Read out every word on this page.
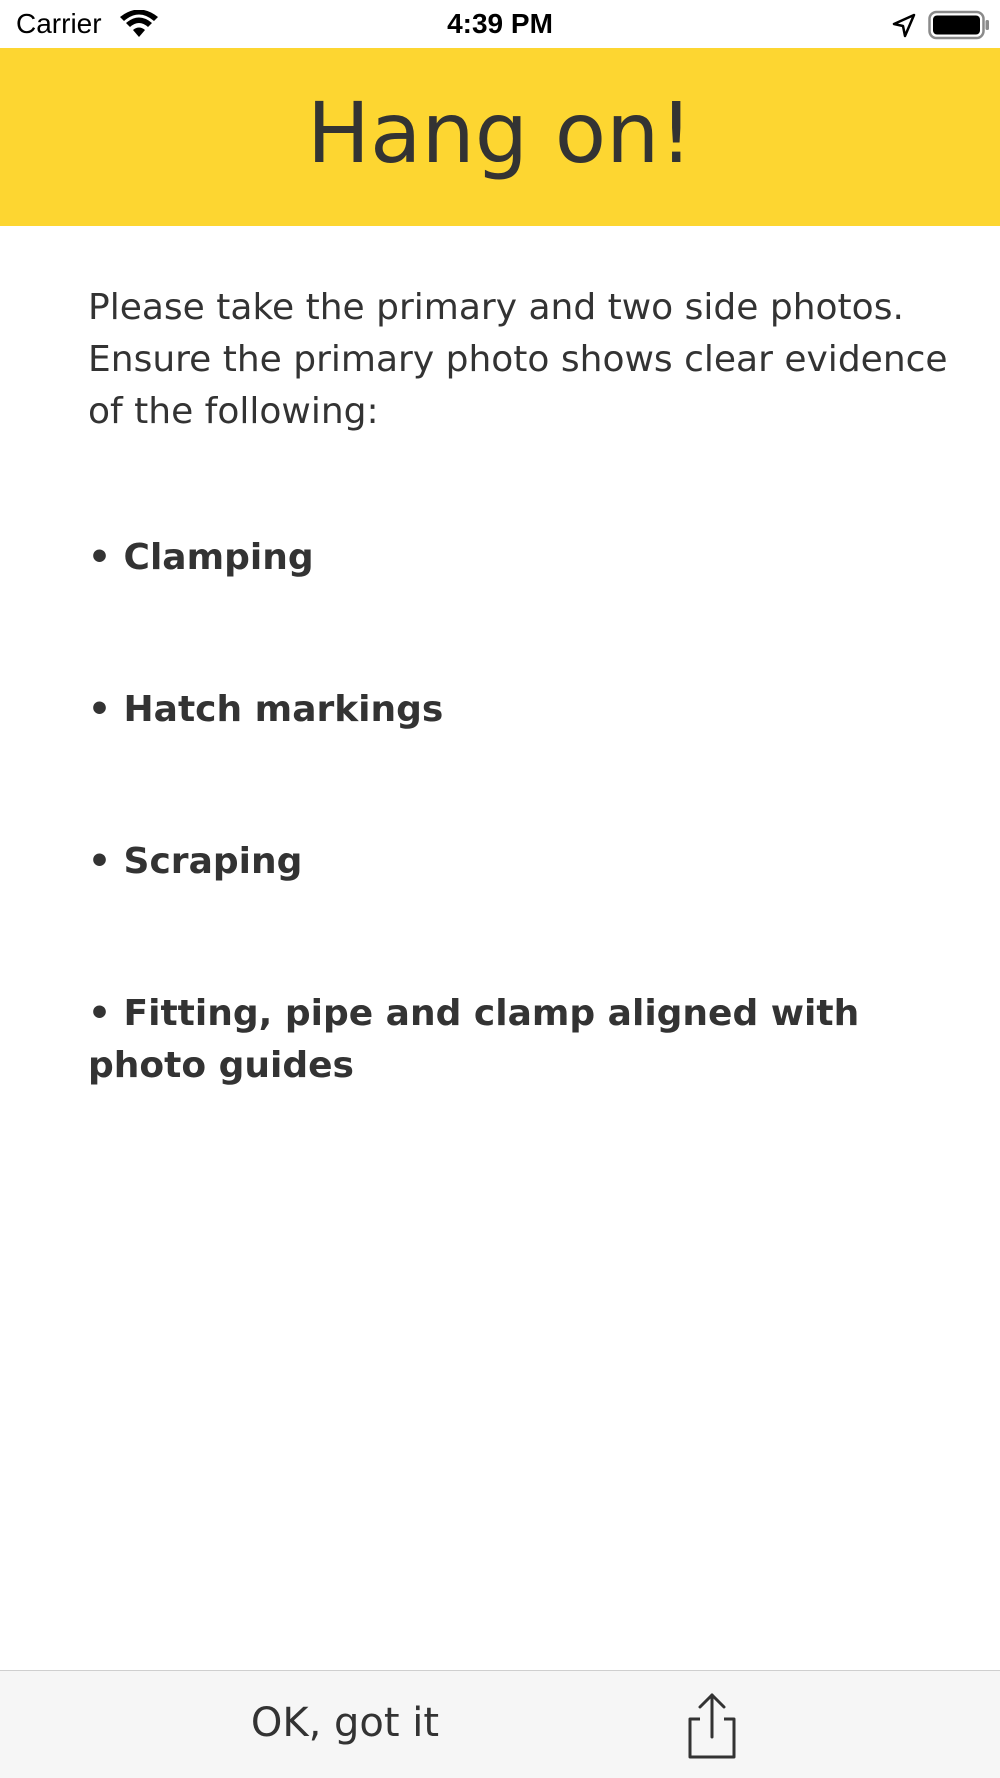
Carrier	4:39 PM
Hang on!
Please take the primary and two side photos. Ensure the primary photo shows clear evidence of the following:
• Clamping
• Hatch markings
• Scraping
• Fitting, pipe and clamp aligned with photo guides
OK, got it
